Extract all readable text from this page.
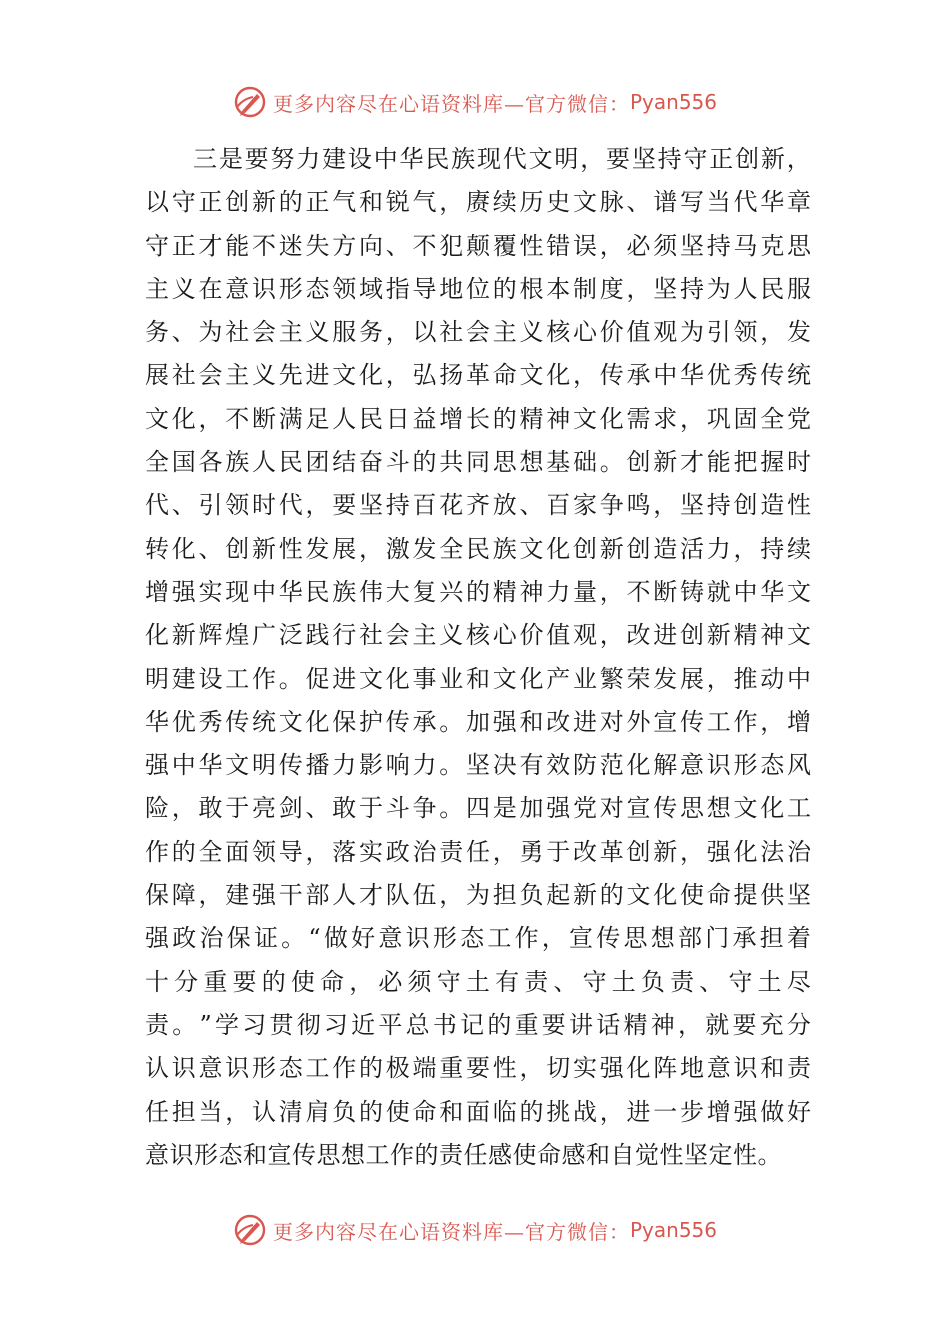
更多内容尽在心语资料库—官方微信： Pyan556
三 是 要 努 力 建 设 中 华 民 族 现 代 文 明 ， 要 坚 持 守 正 创 新 ，
以 守 正 创 新 的 正 气 和 锐 气 ， 赓 续 历 史 文 脉 、 谱 写 当 代 华 章
守 正 才 能 不 迷 失 方 向 、 不 犯 颠 覆 性 错 误 ， 必 须 坚 持 马 克 思
主 义 在 意 识 形 态 领 域 指 导 地 位 的 根 本 制 度 ， 坚 持 为 人 民 服
务 、 为 社 会 主 义 服 务 ， 以 社 会 主 义 核 心 价 值 观 为 引 领 ， 发
展 社 会 主 义 先 进 文 化 ， 弘 扬 革 命 文 化 ， 传 承 中 华 优 秀 传 统
文 化 ， 不 断 满 足 人 民 日 益 增 长 的 精 神 文 化 需 求 ， 巩 固 全 党
全 国 各 族 人 民 团 结 奋 斗 的 共 同 思 想 基 础 。 创 新 才 能 把 握 时
代 、 引 领 时 代 ， 要 坚 持 百 花 齐 放 、 百 家 争 鸣 ， 坚 持 创 造 性
转 化 、 创 新 性 发 展 ， 激 发 全 民 族 文 化 创 新 创 造 活 力 ， 持 续
增 强 实 现 中 华 民 族 伟 大 复 兴 的 精 神 力 量 ， 不 断 铸 就 中 华 文
化 新 辉 煌 广 泛 践 行 社 会 主 义 核 心 价 值 观 ， 改 进 创 新 精 神 文
明 建 设 工 作 。 促 进 文 化 事 业 和 文 化 产 业 繁 荣 发 展 ， 推 动 中
华 优 秀 传 统 文 化 保 护 传 承 。 加 强 和 改 进 对 外 宣 传 工 作 ， 增
强 中 华 文 明 传 播 力 影 响 力 。 坚 决 有 效 防 范 化 解 意 识 形 态 风
险 ， 敢 于 亮 剑 、 敢 于 斗 争 。 四 是 加 强 党 对 宣 传 思 想 文 化 工
作 的 全 面 领 导 ， 落 实 政 治 责 任 ， 勇 于 改 革 创 新 ， 强 化 法 治
保 障 ， 建 强 干 部 人 才 队 伍 ， 为 担 负 起 新 的 文 化 使 命 提 供 坚
强 政 治 保 证 。 “ 做 好 意 识 形 态 工 作 ， 宣 传 思 想 部 门 承 担 着
十 分 重 要 的 使 命 ， 必 须 守 土 有 责 、 守 土 负 责 、 守 土 尽
责 。 ” 学 习 贯 彻 习 近 平 总 书 记 的 重 要 讲 话 精 神 ， 就 要 充 分
认 识 意 识 形 态 工 作 的 极 端 重 要 性 ， 切 实 强 化 阵 地 意 识 和 责
任 担 当 ， 认 清 肩 负 的 使 命 和 面 临 的 挑 战 ， 进 一 步 增 强 做 好
意识形态和宣传思想工作的责任感使命感和自觉性坚定性。
更多内容尽在心语资料库—官方微信： Pyan556
